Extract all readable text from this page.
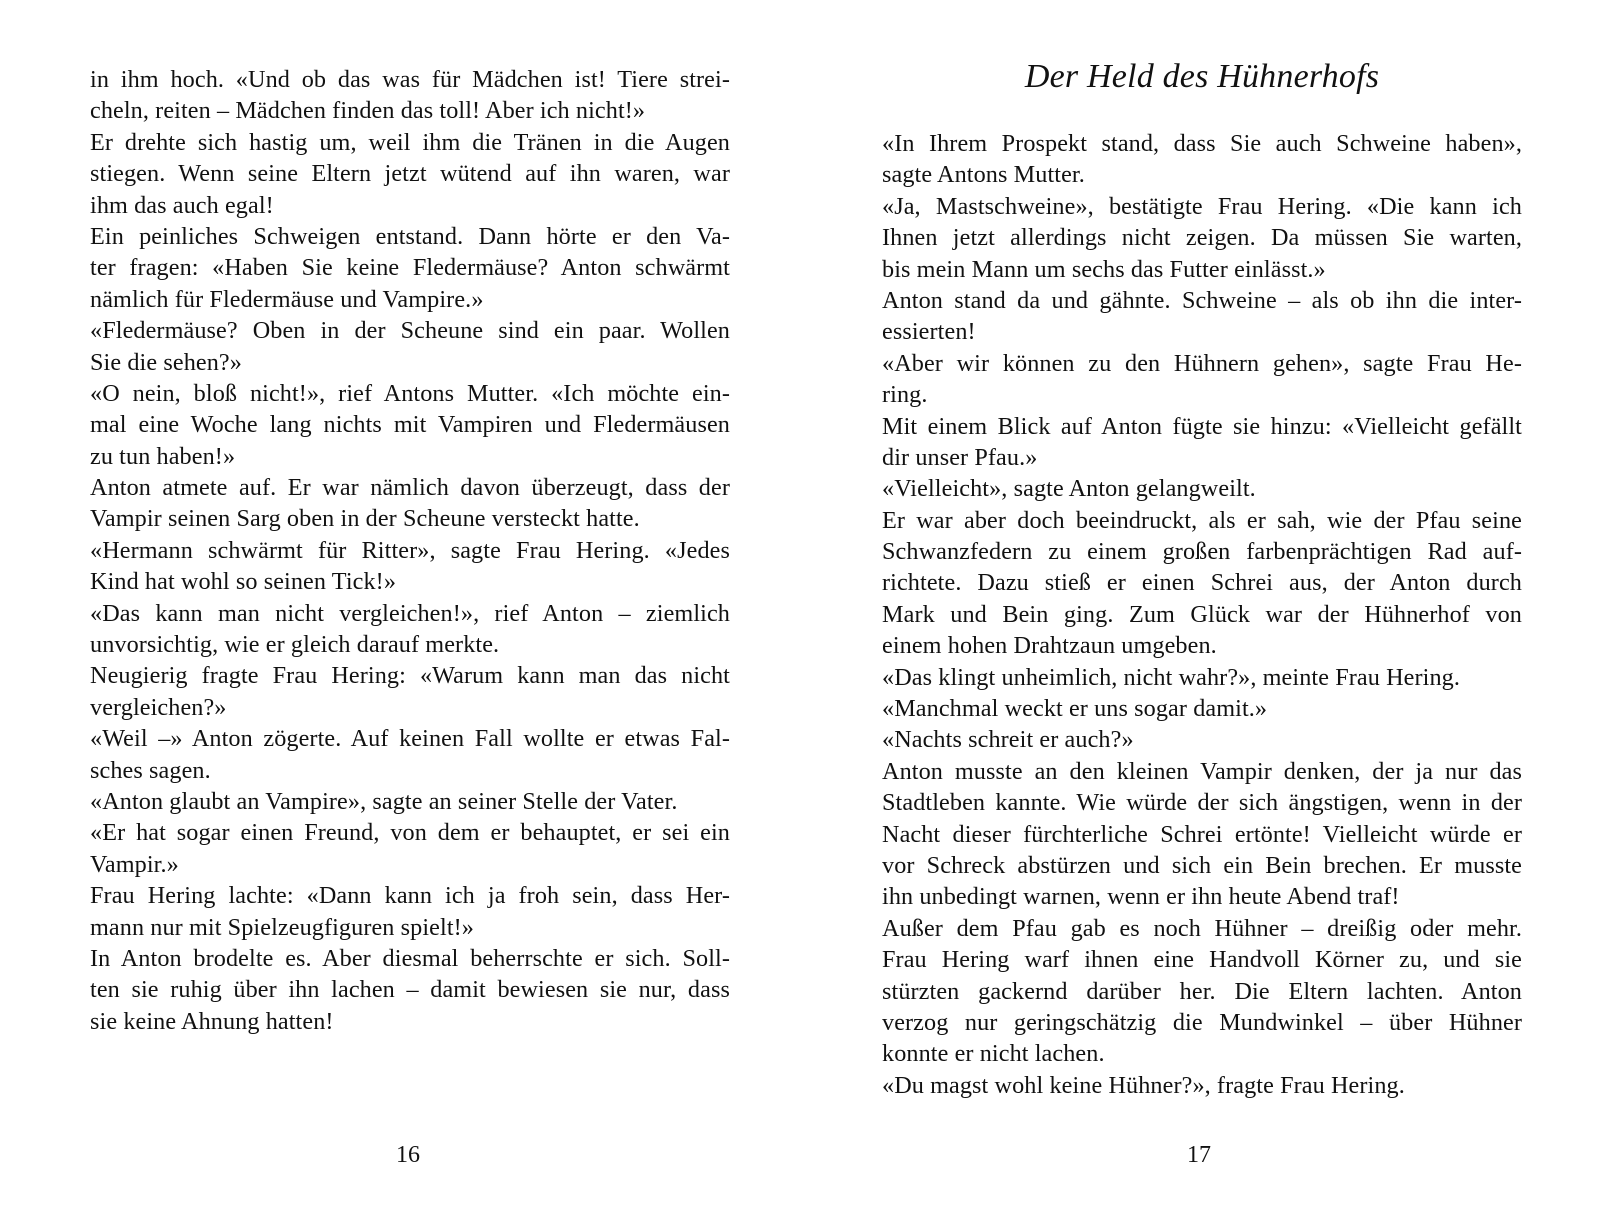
in ihm hoch. «Und ob das was für Mädchen ist! Tiere strei-
cheln, reiten – Mädchen finden das toll! Aber ich nicht!»
Er drehte sich hastig um, weil ihm die Tränen in die Augen
stiegen. Wenn seine Eltern jetzt wütend auf ihn waren, war
ihm das auch egal!
Ein peinliches Schweigen entstand. Dann hörte er den Va-
ter fragen: «Haben Sie keine Fledermäuse? Anton schwärmt
nämlich für Fledermäuse und Vampire.»
«Fledermäuse? Oben in der Scheune sind ein paar. Wollen
Sie die sehen?»
«O nein, bloß nicht!», rief Antons Mutter. «Ich möchte ein-
mal eine Woche lang nichts mit Vampiren und Fledermäusen
zu tun haben!»
Anton atmete auf. Er war nämlich davon überzeugt, dass der
Vampir seinen Sarg oben in der Scheune versteckt hatte.
«Hermann schwärmt für Ritter», sagte Frau Hering. «Jedes
Kind hat wohl so seinen Tick!»
«Das kann man nicht vergleichen!», rief Anton – ziemlich
unvorsichtig, wie er gleich darauf merkte.
Neugierig fragte Frau Hering: «Warum kann man das nicht
vergleichen?»
«Weil –» Anton zögerte. Auf keinen Fall wollte er etwas Fal-
sches sagen.
«Anton glaubt an Vampire», sagte an seiner Stelle der Vater.
«Er hat sogar einen Freund, von dem er behauptet, er sei ein
Vampir.»
Frau Hering lachte: «Dann kann ich ja froh sein, dass Her-
mann nur mit Spielzeugfiguren spielt!»
In Anton brodelte es. Aber diesmal beherrschte er sich. Soll-
ten sie ruhig über ihn lachen – damit bewiesen sie nur, dass
sie keine Ahnung hatten!
16
Der Held des Hühnerhofs
«In Ihrem Prospekt stand, dass Sie auch Schweine haben»,
sagte Antons Mutter.
«Ja, Mastschweine», bestätigte Frau Hering. «Die kann ich
Ihnen jetzt allerdings nicht zeigen. Da müssen Sie warten,
bis mein Mann um sechs das Futter einlässt.»
Anton stand da und gähnte. Schweine – als ob ihn die inter-
essierten!
«Aber wir können zu den Hühnern gehen», sagte Frau He-
ring.
Mit einem Blick auf Anton fügte sie hinzu: «Vielleicht gefällt
dir unser Pfau.»
«Vielleicht», sagte Anton gelangweilt.
Er war aber doch beeindruckt, als er sah, wie der Pfau seine
Schwanzfedern zu einem großen farbenprächtigen Rad auf-
richtete. Dazu stieß er einen Schrei aus, der Anton durch
Mark und Bein ging. Zum Glück war der Hühnerhof von
einem hohen Drahtzaun umgeben.
«Das klingt unheimlich, nicht wahr?», meinte Frau Hering.
«Manchmal weckt er uns sogar damit.»
«Nachts schreit er auch?»
Anton musste an den kleinen Vampir denken, der ja nur das
Stadtleben kannte. Wie würde der sich ängstigen, wenn in der
Nacht dieser fürchterliche Schrei ertönte! Vielleicht würde er
vor Schreck abstürzen und sich ein Bein brechen. Er musste
ihn unbedingt warnen, wenn er ihn heute Abend traf!
Außer dem Pfau gab es noch Hühner – dreißig oder mehr.
Frau Hering warf ihnen eine Handvoll Körner zu, und sie
stürzten gackernd darüber her. Die Eltern lachten. Anton
verzog nur geringschätzig die Mundwinkel – über Hühner
konnte er nicht lachen.
«Du magst wohl keine Hühner?», fragte Frau Hering.
17
